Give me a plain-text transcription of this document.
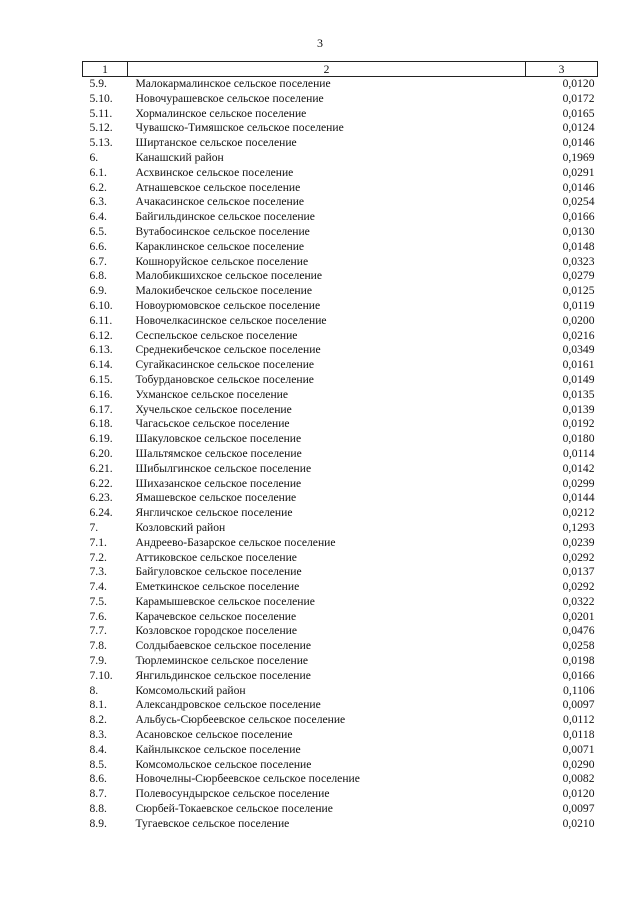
3
1	2	3
5.9.	Малокармалинское сельское поселение	0,0120
5.10.	Новочурашевское сельское поселение	0,0172
5.11.	Хормалинское сельское поселение	0,0165
5.12.	Чувашско-Тимяшское сельское поселение	0,0124
5.13.	Ширтанское сельское поселение	0,0146
6.	Канашский район	0,1969
6.1.	Асхвинское сельское поселение	0,0291
6.2.	Атнашевское сельское поселение	0,0146
6.3.	Ачакасинское сельское поселение	0,0254
6.4.	Байгильдинское сельское поселение	0,0166
6.5.	Вутабосинское сельское поселение	0,0130
6.6.	Караклинское сельское поселение	0,0148
6.7.	Кошноруйское сельское поселение	0,0323
6.8.	Малобикшихское сельское поселение	0,0279
6.9.	Малокибечское сельское поселение	0,0125
6.10.	Новоурюмовское сельское поселение	0,0119
6.11.	Новочелкасинское сельское поселение	0,0200
6.12.	Сеспельское сельское поселение	0,0216
6.13.	Среднекибечское сельское поселение	0,0349
6.14.	Сугайкасинское сельское поселение	0,0161
6.15.	Тобурдановское сельское поселение	0,0149
6.16.	Ухманское сельское поселение	0,0135
6.17.	Хучельское сельское поселение	0,0139
6.18.	Чагасьское сельское поселение	0,0192
6.19.	Шакуловское сельское поселение	0,0180
6.20.	Шальтямское сельское поселение	0,0114
6.21.	Шибылгинское сельское поселение	0,0142
6.22.	Шихазанское сельское поселение	0,0299
6.23.	Ямашевское сельское поселение	0,0144
6.24.	Янгличское сельское поселение	0,0212
7.	Козловский район	0,1293
7.1.	Андреево-Базарское сельское поселение	0,0239
7.2.	Аттиковское сельское поселение	0,0292
7.3.	Байгуловское сельское поселение	0,0137
7.4.	Еметкинское сельское поселение	0,0292
7.5.	Карамышевское сельское поселение	0,0322
7.6.	Карачевское сельское поселение	0,0201
7.7.	Козловское городское поселение	0,0476
7.8.	Солдыбаевское сельское поселение	0,0258
7.9.	Тюрлеминское сельское поселение	0,0198
7.10.	Янгильдинское сельское поселение	0,0166
8.	Комсомольский район	0,1106
8.1.	Александровское сельское поселение	0,0097
8.2.	Альбусь-Сюрбеевское сельское поселение	0,0112
8.3.	Асановское сельское поселение	0,0118
8.4.	Кайнлыкское сельское поселение	0,0071
8.5.	Комсомольское сельское поселение	0,0290
8.6.	Новочелны-Сюрбеевское сельское поселение	0,0082
8.7.	Полевосундырское сельское поселение	0,0120
8.8.	Сюрбей-Токаевское сельское поселение	0,0097
8.9.	Тугаевское сельское поселение	0,0210
